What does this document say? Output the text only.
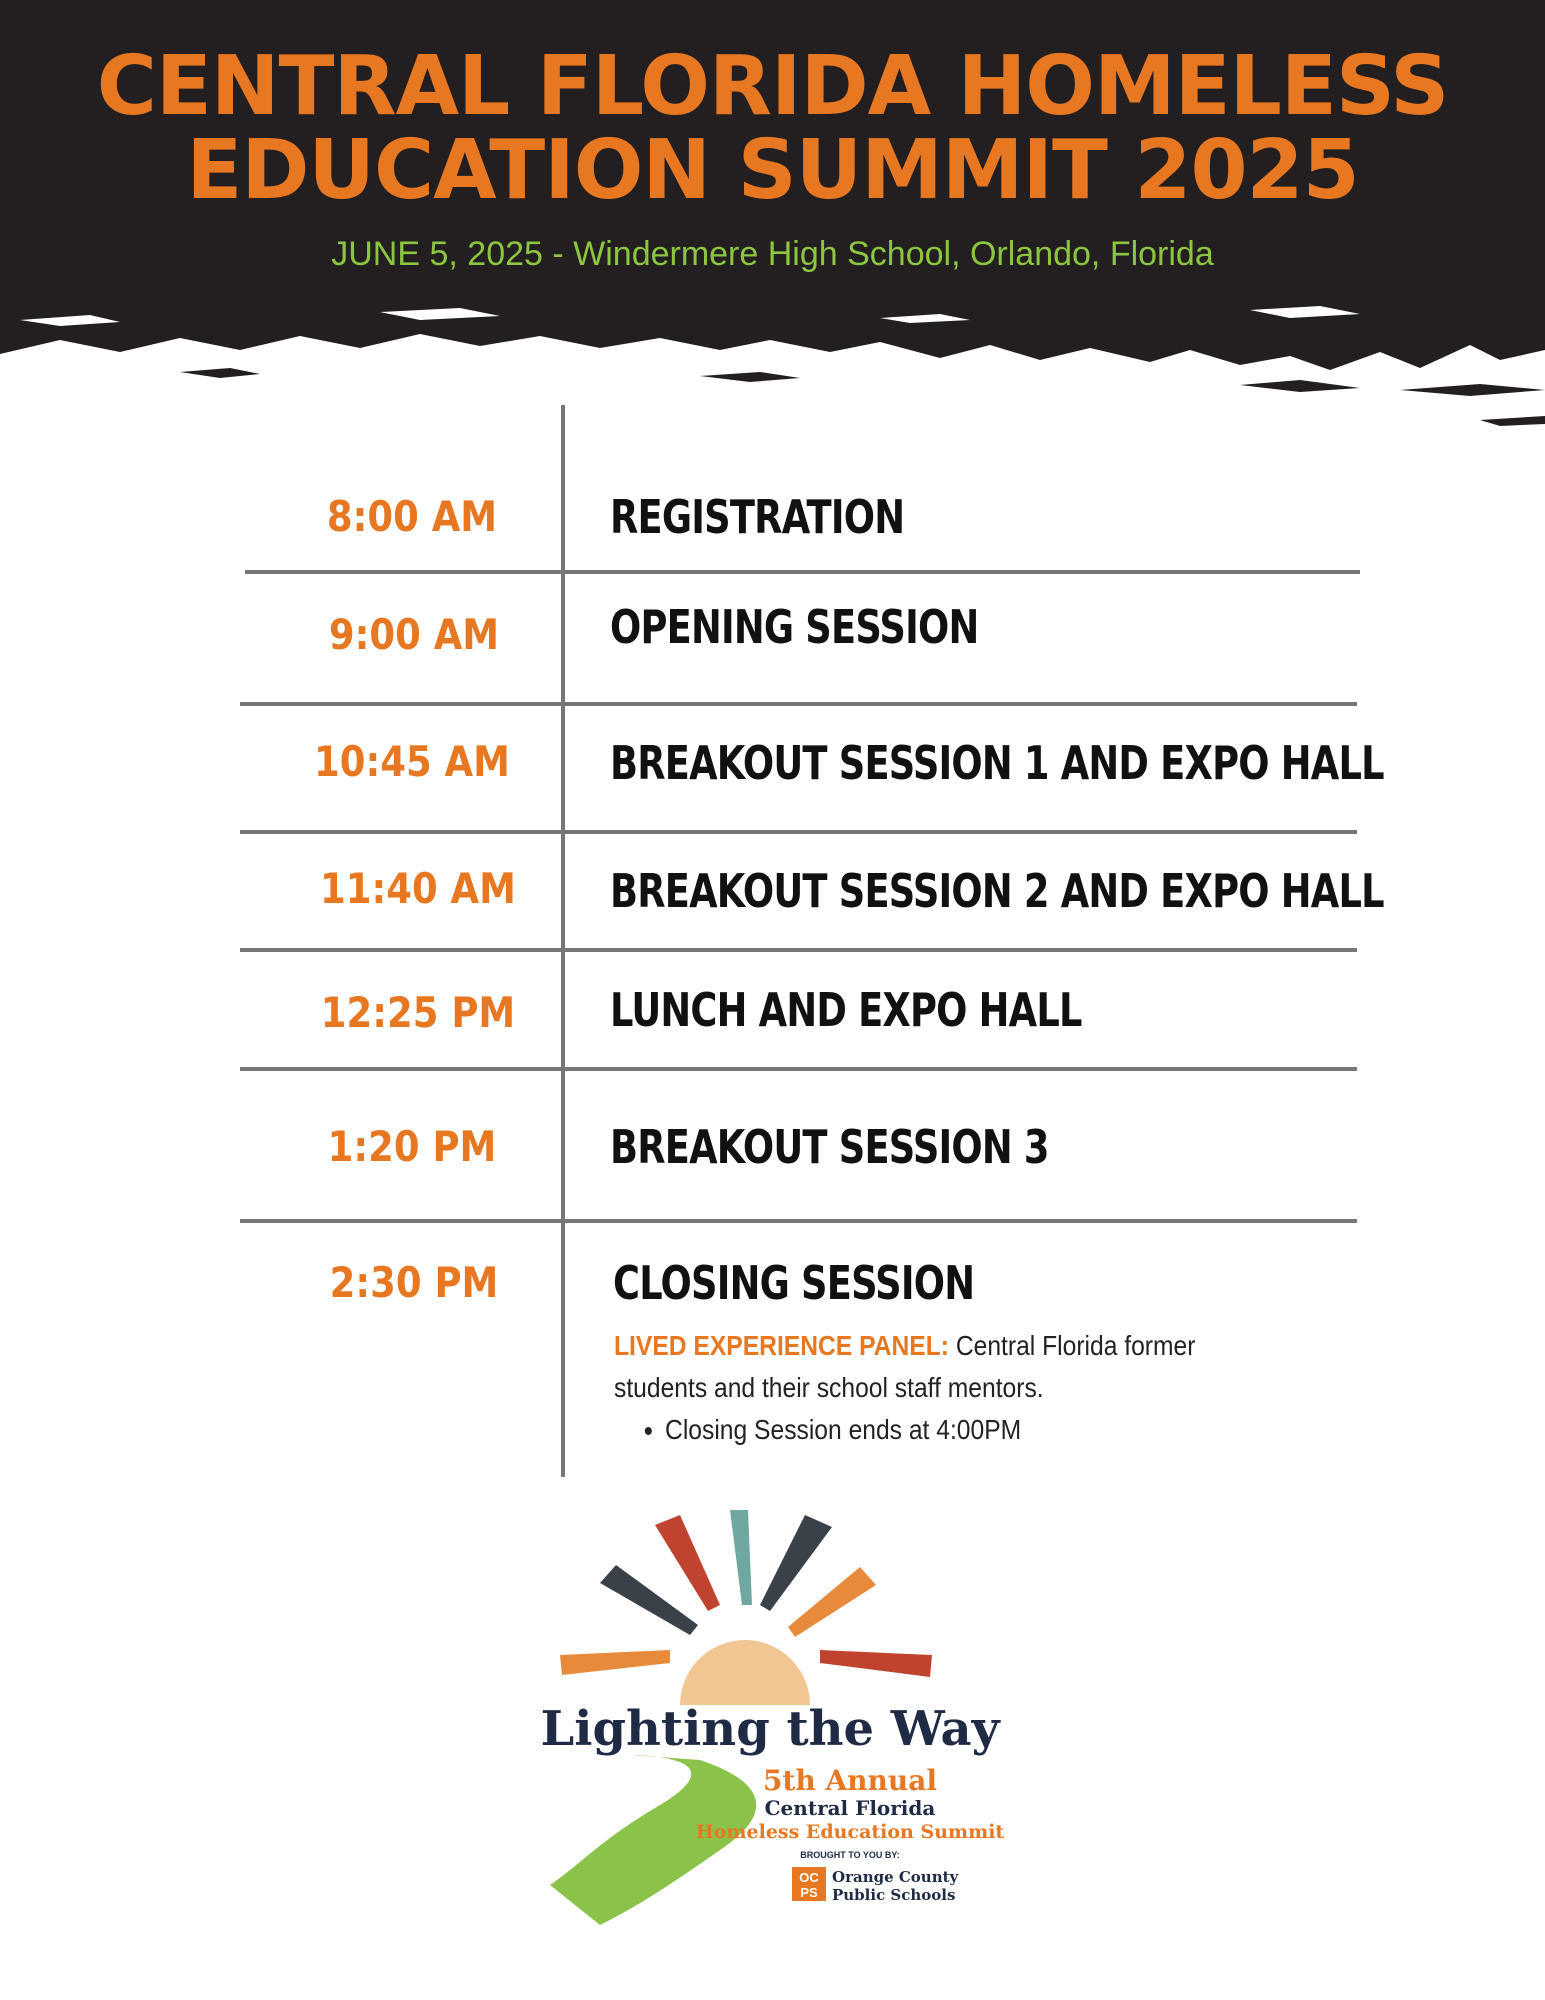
CENTRAL FLORIDA HOMELESS
EDUCATION SUMMIT 2025

JUNE 5, 2025 - Windermere High School, Orlando, Florida

8:00 AM	REGISTRATION
9:00 AM	OPENING SESSION
10:45 AM	BREAKOUT SESSION 1 AND EXPO HALL
11:40 AM	BREAKOUT SESSION 2 AND EXPO HALL
12:25 PM	LUNCH AND EXPO HALL
1:20 PM	BREAKOUT SESSION 3
2:30 PM	CLOSING SESSION
LIVED EXPERIENCE PANEL: Central Florida former students and their school staff mentors.
• Closing Session ends at 4:00PM
Lighting the Way
5th Annual
Central Florida
Homeless Education Summit
BROUGHT TO YOU BY:
OC
PS
Orange County
Public Schools
